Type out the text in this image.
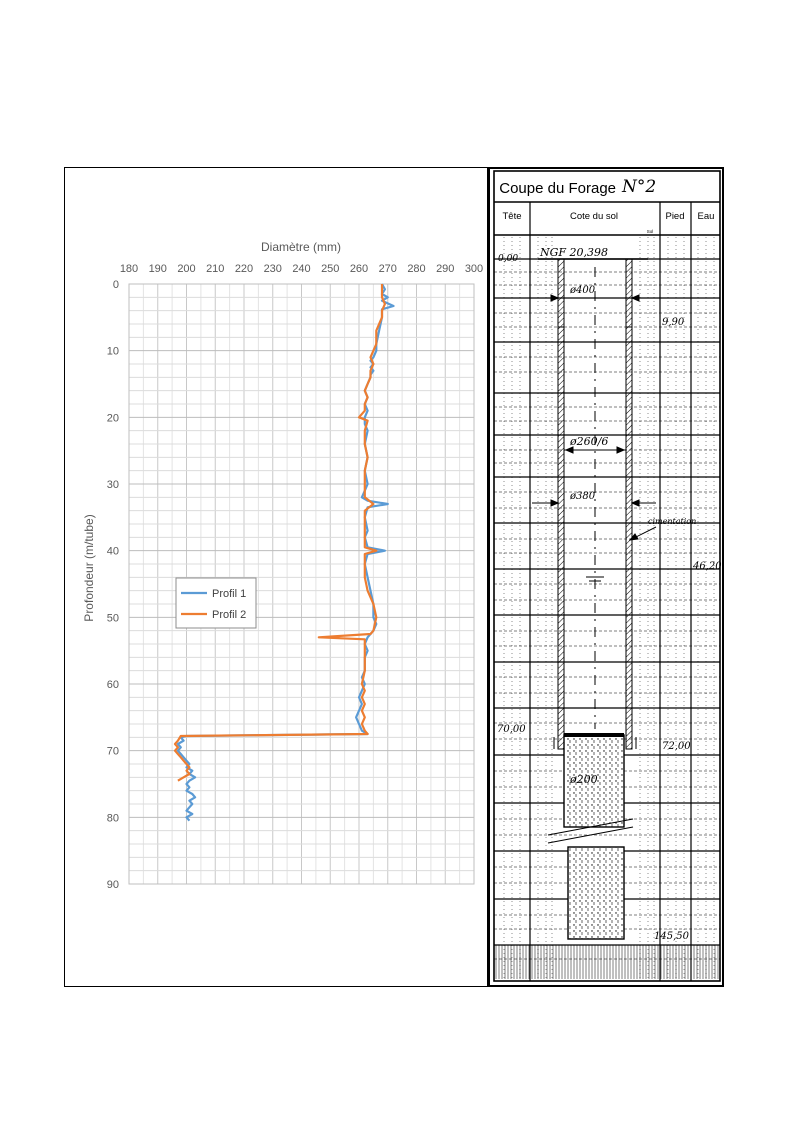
180 190 200 210 220 230 240 250 260 270 280 290 300
0
10
20
30
40
50
60
70
80
90
Diamètre (mm)
Profondeur (m/tube)	Profil 1
Profil 2
Coupe du Forage N°2
Tête	Cote du sol
Sol
Pied Eau
NGF 20,398
0,00
70,00
9,90
46,20
72,00
145,50
ø400
ø260/6
ø380
ø200
cimentation
